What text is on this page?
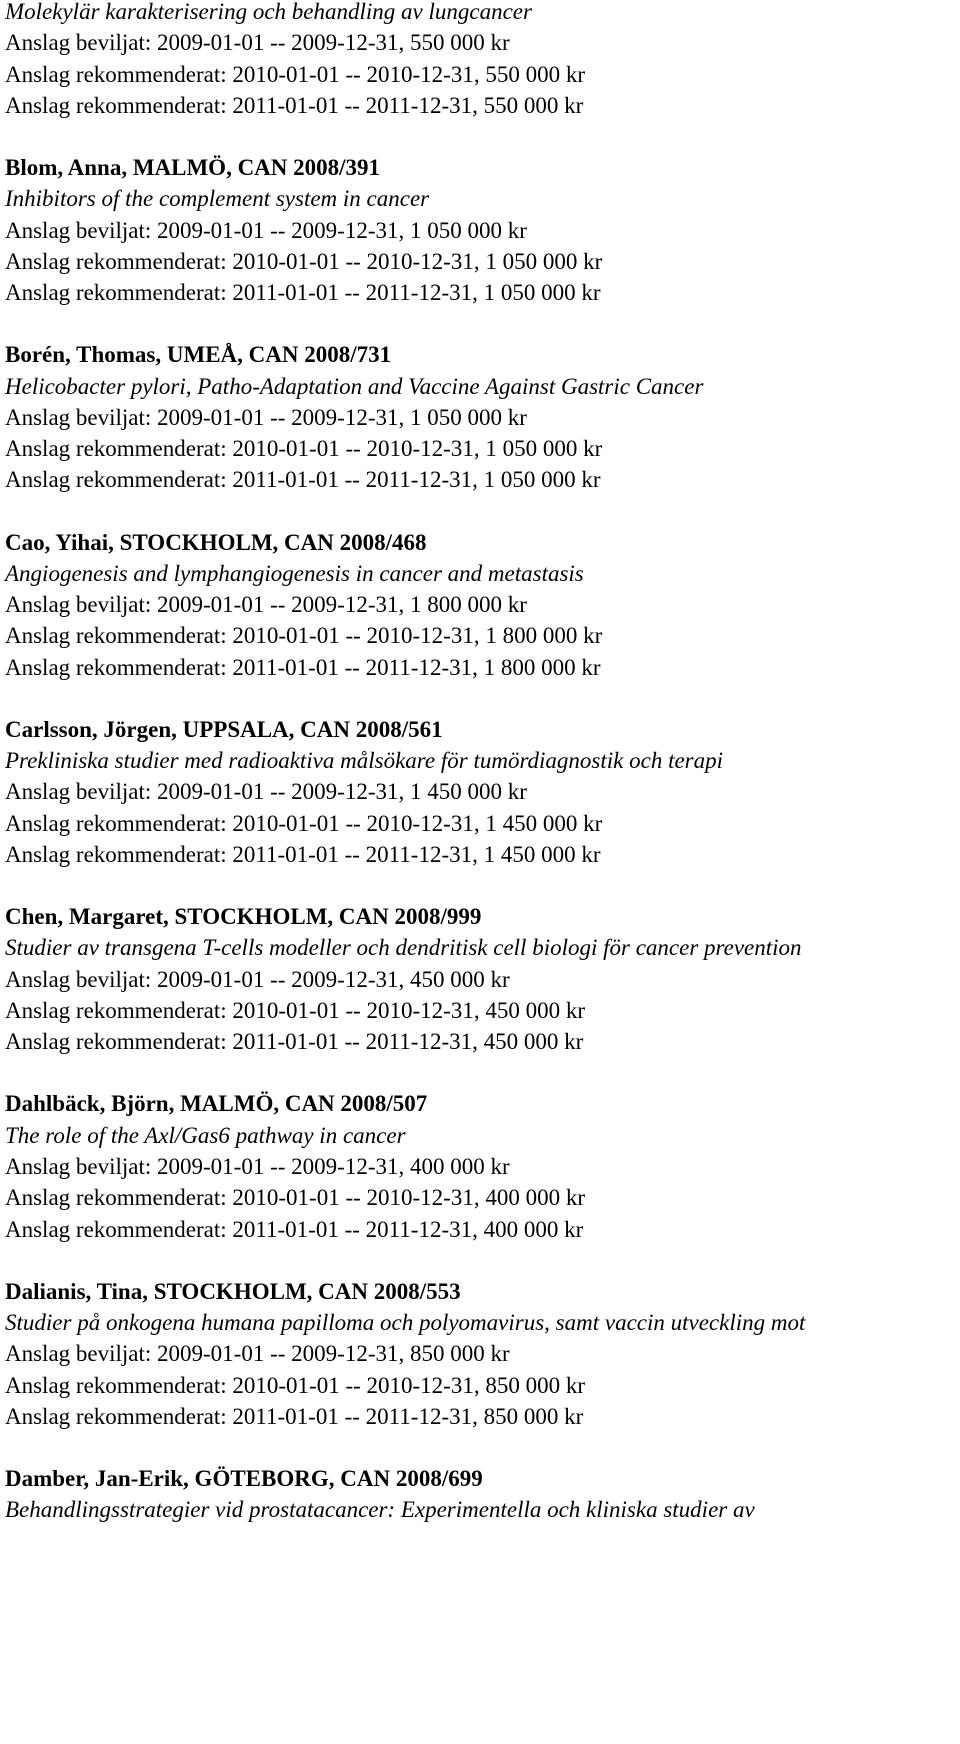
Molekylär karakterisering och behandling av lungcancer
Anslag beviljat: 2009-01-01 -- 2009-12-31, 550 000 kr
Anslag rekommenderat: 2010-01-01 -- 2010-12-31, 550 000 kr
Anslag rekommenderat: 2011-01-01 -- 2011-12-31, 550 000 kr
Blom, Anna, MALMÖ, CAN 2008/391
Inhibitors of the complement system in cancer
Anslag beviljat: 2009-01-01 -- 2009-12-31, 1 050 000 kr
Anslag rekommenderat: 2010-01-01 -- 2010-12-31, 1 050 000 kr
Anslag rekommenderat: 2011-01-01 -- 2011-12-31, 1 050 000 kr
Borén, Thomas, UMEÅ, CAN 2008/731
Helicobacter pylori, Patho-Adaptation and Vaccine Against Gastric Cancer
Anslag beviljat: 2009-01-01 -- 2009-12-31, 1 050 000 kr
Anslag rekommenderat: 2010-01-01 -- 2010-12-31, 1 050 000 kr
Anslag rekommenderat: 2011-01-01 -- 2011-12-31, 1 050 000 kr
Cao, Yihai, STOCKHOLM, CAN 2008/468
Angiogenesis and lymphangiogenesis in cancer and metastasis
Anslag beviljat: 2009-01-01 -- 2009-12-31, 1 800 000 kr
Anslag rekommenderat: 2010-01-01 -- 2010-12-31, 1 800 000 kr
Anslag rekommenderat: 2011-01-01 -- 2011-12-31, 1 800 000 kr
Carlsson, Jörgen, UPPSALA, CAN 2008/561
Prekliniska studier med radioaktiva målsökare för tumördiagnostik och terapi
Anslag beviljat: 2009-01-01 -- 2009-12-31, 1 450 000 kr
Anslag rekommenderat: 2010-01-01 -- 2010-12-31, 1 450 000 kr
Anslag rekommenderat: 2011-01-01 -- 2011-12-31, 1 450 000 kr
Chen, Margaret, STOCKHOLM, CAN 2008/999
Studier av transgena T-cells modeller och dendritisk cell biologi för cancer prevention
Anslag beviljat: 2009-01-01 -- 2009-12-31, 450 000 kr
Anslag rekommenderat: 2010-01-01 -- 2010-12-31, 450 000 kr
Anslag rekommenderat: 2011-01-01 -- 2011-12-31, 450 000 kr
Dahlbäck, Björn, MALMÖ, CAN 2008/507
The role of the Axl/Gas6 pathway in cancer
Anslag beviljat: 2009-01-01 -- 2009-12-31, 400 000 kr
Anslag rekommenderat: 2010-01-01 -- 2010-12-31, 400 000 kr
Anslag rekommenderat: 2011-01-01 -- 2011-12-31, 400 000 kr
Dalianis, Tina, STOCKHOLM, CAN 2008/553
Studier på onkogena humana papilloma och polyomavirus, samt vaccin utveckling mot
Anslag beviljat: 2009-01-01 -- 2009-12-31, 850 000 kr
Anslag rekommenderat: 2010-01-01 -- 2010-12-31, 850 000 kr
Anslag rekommenderat: 2011-01-01 -- 2011-12-31, 850 000 kr
Damber, Jan-Erik, GÖTEBORG, CAN 2008/699
Behandlingsstrategier vid prostatacancer: Experimentella och kliniska studier av
